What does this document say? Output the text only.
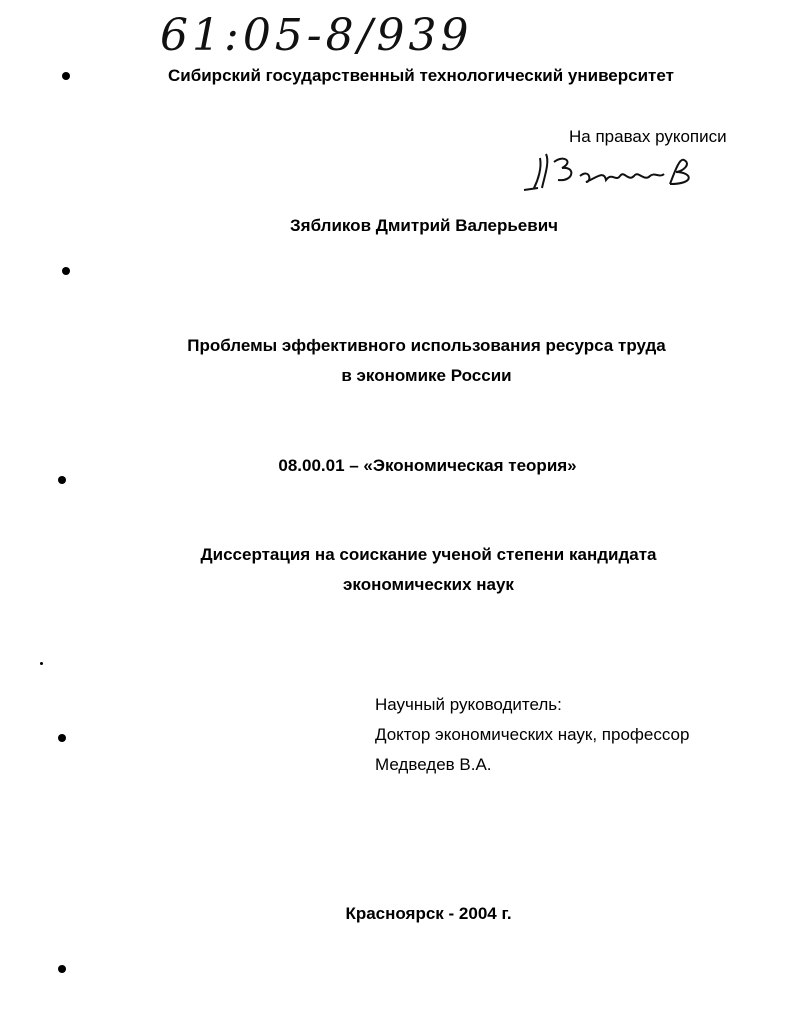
61:05-8/939
Сибирский государственный технологический университет
На правах рукописи
Зябликов Дмитрий Валерьевич
Проблемы эффективного использования ресурса труда
в экономике России
08.00.01 – «Экономическая теория»
Диссертация на соискание ученой степени кандидата
экономических наук
Научный руководитель:
Доктор экономических наук, профессор
Медведев В.А.
Красноярск - 2004 г.
